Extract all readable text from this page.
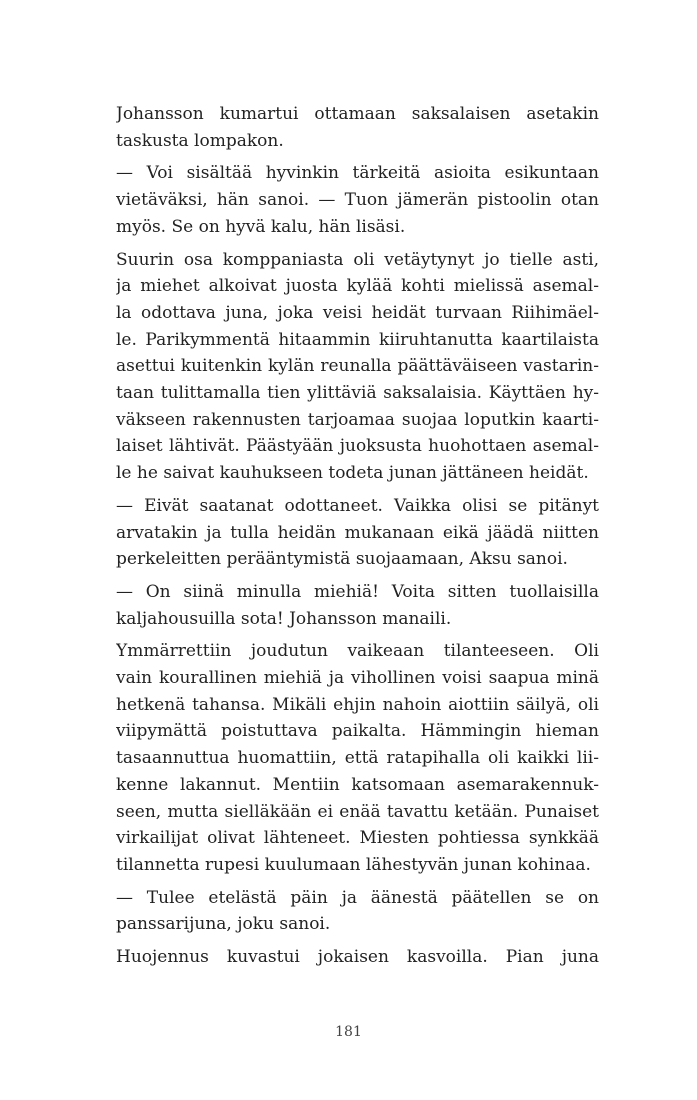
Johansson kumartui ottamaan saksalaisen asetakin
taskusta lompakon.

— Voi sisältää hyvinkin tärkeitä asioita esikuntaan
vietäväksi, hän sanoi. — Tuon jämerän pistoolin otan
myös. Se on hyvä kalu, hän lisäsi.

Suurin osa komppaniasta oli vetäytynyt jo tielle asti,
ja miehet alkoivat juosta kylää kohti mielissä asemal-
la odottava juna, joka veisi heidät turvaan Riihimäel-
le. Parikymmentä hitaammin kiiruhtanutta kaartilaista
asettui kuitenkin kylän reunalla päättäväiseen vastarin-
taan tulittamalla tien ylittäviä saksalaisia. Käyttäen hy-
väkseen rakennusten tarjoamaa suojaa loputkin kaarti-
laiset lähtivät. Päästyään juoksusta huohottaen asemal-
le he saivat kauhukseen todeta junan jättäneen heidät.

— Eivät saatanat odottaneet. Vaikka olisi se pitänyt
arvatakin ja tulla heidän mukanaan eikä jäädä niitten
perkeleitten perääntymistä suojaamaan, Aksu sanoi.

— On siinä minulla miehiä! Voita sitten tuollaisilla
kaljahousuilla sota! Johansson manaili.

Ymmärrettiin joudutun vaikeaan tilanteeseen. Oli
vain kourallinen miehiä ja vihollinen voisi saapua minä
hetkenä tahansa. Mikäli ehjin nahoin aiottiin säilyä, oli
viipymättä poistuttava paikalta. Hämmingin hieman
tasaannuttua huomattiin, että ratapihalla oli kaikki lii-
kenne lakannut. Mentiin katsomaan asemarakennuk-
seen, mutta sielläkään ei enää tavattu ketään. Punaiset
virkailijat olivat lähteneet. Miesten pohtiessa synkkää
tilannetta rupesi kuulumaan lähestyvän junan kohinaa.

— Tulee etelästä päin ja äänestä päätellen se on
panssarijuna, joku sanoi.

Huojennus kuvastui jokaisen kasvoilla. Pian juna

181
